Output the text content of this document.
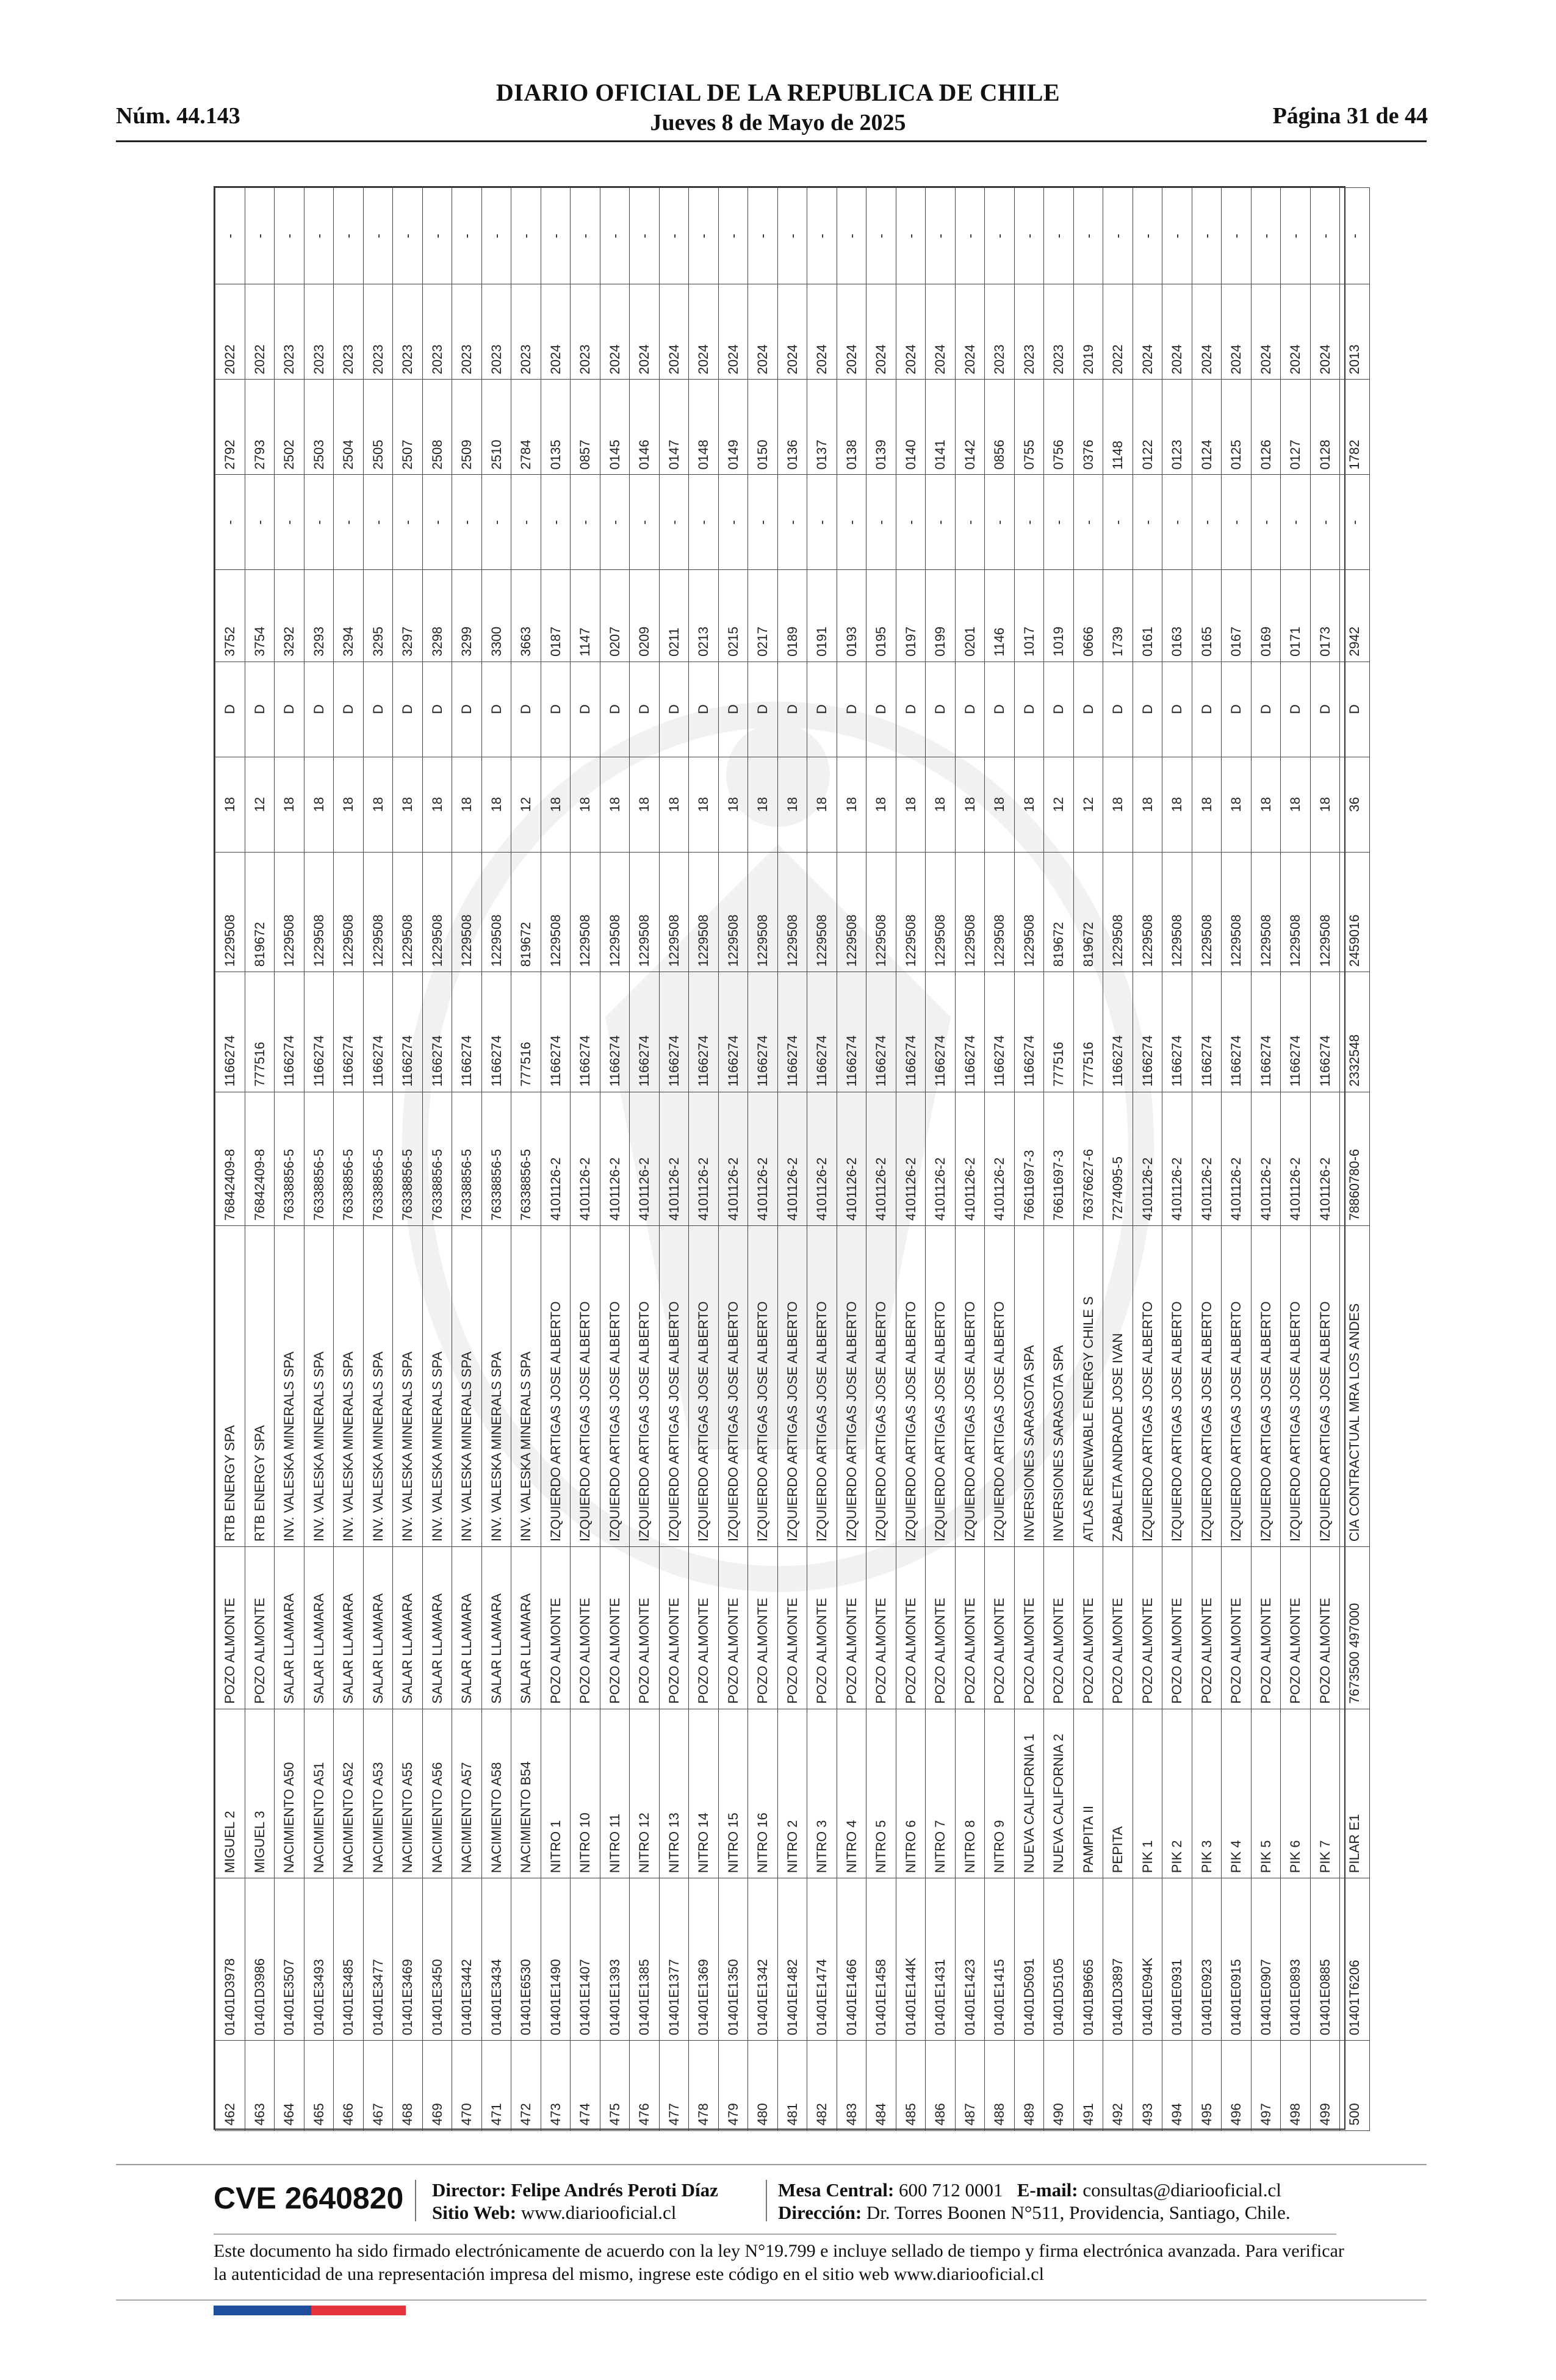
Núm. 44.143
DIARIO OFICIAL DE LA REPUBLICA DE CHILE
Jueves 8 de Mayo de 2025	Página 31 de 44
462	01401D3978	MIGUEL 2	POZO ALMONTE	RTB ENERGY SPA	76842409-8	1166274	1229508	18	D	3752	-	2792	2022	-
463	01401D3986	MIGUEL 3	POZO ALMONTE	RTB ENERGY SPA	76842409-8	777516	819672	12	D	3754	-	2793	2022	-
464	01401E3507	NACIMIENTO A50	SALAR LLAMARA	INV. VALESKA MINERALS SPA	76338856-5	1166274	1229508	18	D	3292	-	2502	2023	-
465	01401E3493	NACIMIENTO A51	SALAR LLAMARA	INV. VALESKA MINERALS SPA	76338856-5	1166274	1229508	18	D	3293	-	2503	2023	-
466	01401E3485	NACIMIENTO A52	SALAR LLAMARA	INV. VALESKA MINERALS SPA	76338856-5	1166274	1229508	18	D	3294	-	2504	2023	-
467	01401E3477	NACIMIENTO A53	SALAR LLAMARA	INV. VALESKA MINERALS SPA	76338856-5	1166274	1229508	18	D	3295	-	2505	2023	-
468	01401E3469	NACIMIENTO A55	SALAR LLAMARA	INV. VALESKA MINERALS SPA	76338856-5	1166274	1229508	18	D	3297	-	2507	2023	-
469	01401E3450	NACIMIENTO A56	SALAR LLAMARA	INV. VALESKA MINERALS SPA	76338856-5	1166274	1229508	18	D	3298	-	2508	2023	-
470	01401E3442	NACIMIENTO A57	SALAR LLAMARA	INV. VALESKA MINERALS SPA	76338856-5	1166274	1229508	18	D	3299	-	2509	2023	-
471	01401E3434	NACIMIENTO A58	SALAR LLAMARA	INV. VALESKA MINERALS SPA	76338856-5	1166274	1229508	18	D	3300	-	2510	2023	-
472	01401E6530	NACIMIENTO B54	SALAR LLAMARA	INV. VALESKA MINERALS SPA	76338856-5	777516	819672	12	D	3663	-	2784	2023	-
473	01401E1490	NITRO 1	POZO ALMONTE	IZQUIERDO ARTIGAS JOSE ALBERTO	4101126-2	1166274	1229508	18	D	0187	-	0135	2024	-
474	01401E1407	NITRO 10	POZO ALMONTE	IZQUIERDO ARTIGAS JOSE ALBERTO	4101126-2	1166274	1229508	18	D	1147	-	0857	2023	-
475	01401E1393	NITRO 11	POZO ALMONTE	IZQUIERDO ARTIGAS JOSE ALBERTO	4101126-2	1166274	1229508	18	D	0207	-	0145	2024	-
476	01401E1385	NITRO 12	POZO ALMONTE	IZQUIERDO ARTIGAS JOSE ALBERTO	4101126-2	1166274	1229508	18	D	0209	-	0146	2024	-
477	01401E1377	NITRO 13	POZO ALMONTE	IZQUIERDO ARTIGAS JOSE ALBERTO	4101126-2	1166274	1229508	18	D	0211	-	0147	2024	-
478	01401E1369	NITRO 14	POZO ALMONTE	IZQUIERDO ARTIGAS JOSE ALBERTO	4101126-2	1166274	1229508	18	D	0213	-	0148	2024	-
479	01401E1350	NITRO 15	POZO ALMONTE	IZQUIERDO ARTIGAS JOSE ALBERTO	4101126-2	1166274	1229508	18	D	0215	-	0149	2024	-
480	01401E1342	NITRO 16	POZO ALMONTE	IZQUIERDO ARTIGAS JOSE ALBERTO	4101126-2	1166274	1229508	18	D	0217	-	0150	2024	-
481	01401E1482	NITRO 2	POZO ALMONTE	IZQUIERDO ARTIGAS JOSE ALBERTO	4101126-2	1166274	1229508	18	D	0189	-	0136	2024	-
482	01401E1474	NITRO 3	POZO ALMONTE	IZQUIERDO ARTIGAS JOSE ALBERTO	4101126-2	1166274	1229508	18	D	0191	-	0137	2024	-
483	01401E1466	NITRO 4	POZO ALMONTE	IZQUIERDO ARTIGAS JOSE ALBERTO	4101126-2	1166274	1229508	18	D	0193	-	0138	2024	-
484	01401E1458	NITRO 5	POZO ALMONTE	IZQUIERDO ARTIGAS JOSE ALBERTO	4101126-2	1166274	1229508	18	D	0195	-	0139	2024	-
485	01401E144K	NITRO 6	POZO ALMONTE	IZQUIERDO ARTIGAS JOSE ALBERTO	4101126-2	1166274	1229508	18	D	0197	-	0140	2024	-
486	01401E1431	NITRO 7	POZO ALMONTE	IZQUIERDO ARTIGAS JOSE ALBERTO	4101126-2	1166274	1229508	18	D	0199	-	0141	2024	-
487	01401E1423	NITRO 8	POZO ALMONTE	IZQUIERDO ARTIGAS JOSE ALBERTO	4101126-2	1166274	1229508	18	D	0201	-	0142	2024	-
488	01401E1415	NITRO 9	POZO ALMONTE	IZQUIERDO ARTIGAS JOSE ALBERTO	4101126-2	1166274	1229508	18	D	1146	-	0856	2023	-
489	01401D5091	NUEVA CALIFORNIA 1	POZO ALMONTE	INVERSIONES SARASOTA SPA	76611697-3	1166274	1229508	18	D	1017	-	0755	2023	-
490	01401D5105	NUEVA CALIFORNIA 2	POZO ALMONTE	INVERSIONES SARASOTA SPA	76611697-3	777516	819672	12	D	1019	-	0756	2023	-
491	01401B9665	PAMPITA II	POZO ALMONTE	ATLAS RENEWABLE ENERGY CHILE S	76376627-6	777516	819672	12	D	0666	-	0376	2019	-
492	01401D3897	PEPITA	POZO ALMONTE	ZABALETA ANDRADE JOSE IVAN	7274095-5	1166274	1229508	18	D	1739	-	1148	2022	-
493	01401E094K	PIK 1	POZO ALMONTE	IZQUIERDO ARTIGAS JOSE ALBERTO	4101126-2	1166274	1229508	18	D	0161	-	0122	2024	-
494	01401E0931	PIK 2	POZO ALMONTE	IZQUIERDO ARTIGAS JOSE ALBERTO	4101126-2	1166274	1229508	18	D	0163	-	0123	2024	-
495	01401E0923	PIK 3	POZO ALMONTE	IZQUIERDO ARTIGAS JOSE ALBERTO	4101126-2	1166274	1229508	18	D	0165	-	0124	2024	-
496	01401E0915	PIK 4	POZO ALMONTE	IZQUIERDO ARTIGAS JOSE ALBERTO	4101126-2	1166274	1229508	18	D	0167	-	0125	2024	-
497	01401E0907	PIK 5	POZO ALMONTE	IZQUIERDO ARTIGAS JOSE ALBERTO	4101126-2	1166274	1229508	18	D	0169	-	0126	2024	-
498	01401E0893	PIK 6	POZO ALMONTE	IZQUIERDO ARTIGAS JOSE ALBERTO	4101126-2	1166274	1229508	18	D	0171	-	0127	2024	-
499	01401E0885	PIK 7	POZO ALMONTE	IZQUIERDO ARTIGAS JOSE ALBERTO	4101126-2	1166274	1229508	18	D	0173	-	0128	2024	-
500	01401T6206	PILAR E1	7673500 497000	CIA CONTRACTUAL MRA LOS ANDES	78860780-6	2332548	2459016	36	D	2942	-	1782	2013	-
CVE 2640820 Director: Felipe Andrés Peroti Díaz
Sitio Web: www.diariooficial.cl
Mesa Central: 600 712 0001 E-mail: consultas@diariooficial.cl
Dirección: Dr. Torres Boonen N°511, Providencia, Santiago, Chile.
Este documento ha sido firmado electrónicamente de acuerdo con la ley N°19.799 e incluye sellado de tiempo y firma electrónica avanzada. Para verificar la autenticidad de una representación impresa del mismo, ingrese este código en el sitio web www.diariooficial.cl
